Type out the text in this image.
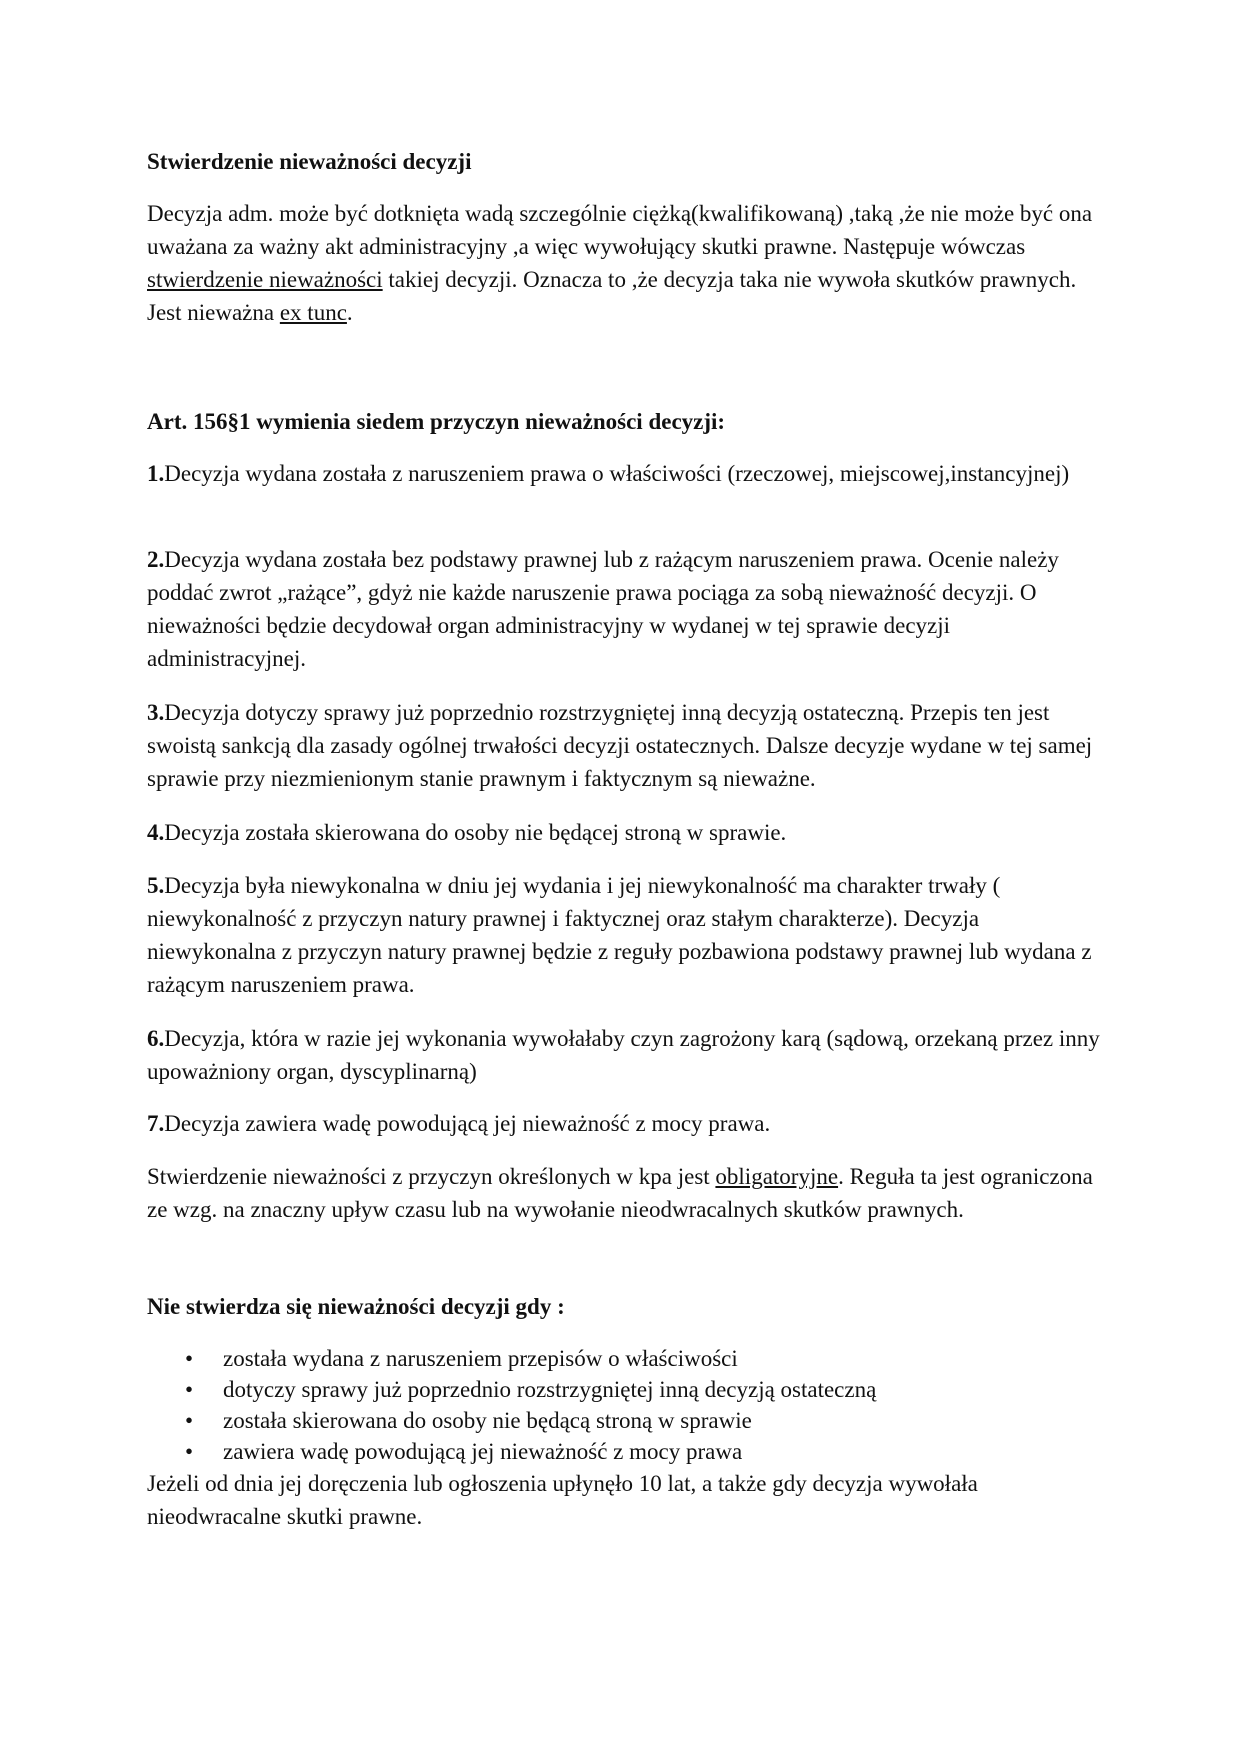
Stwierdzenie nieważności decyzji
Decyzja adm. może być dotknięta wadą szczególnie ciężką(kwalifikowaną) ,taką ,że nie może być ona uważana za ważny akt administracyjny ,a więc wywołujący skutki prawne. Następuje wówczas stwierdzenie nieważności takiej decyzji. Oznacza to ,że decyzja taka nie wywoła skutków prawnych. Jest nieważna ex tunc.
Art. 156§1 wymienia siedem przyczyn nieważności decyzji:
1.Decyzja wydana została z naruszeniem prawa o właściwości (rzeczowej, miejscowej,instancyjnej)
2.Decyzja wydana została bez podstawy prawnej lub z rażącym naruszeniem prawa. Ocenie należy poddać zwrot „rażące”, gdyż nie każde naruszenie prawa pociąga za sobą nieważność decyzji. O nieważności będzie decydował organ administracyjny w wydanej w tej sprawie decyzji administracyjnej.
3.Decyzja dotyczy sprawy już poprzednio rozstrzygniętej inną decyzją ostateczną. Przepis ten jest swoistą sankcją dla zasady ogólnej trwałości decyzji ostatecznych. Dalsze decyzje wydane w tej samej sprawie przy niezmienionym stanie prawnym i faktycznym są nieważne.
4.Decyzja została skierowana do osoby nie będącej stroną w sprawie.
5.Decyzja była niewykonalna w dniu jej wydania i jej niewykonalność ma charakter trwały ( niewykonalność z przyczyn natury prawnej i faktycznej oraz stałym charakterze). Decyzja niewykonalna z przyczyn natury prawnej będzie z reguły pozbawiona podstawy prawnej lub wydana z rażącym naruszeniem prawa.
6.Decyzja, która w razie jej wykonania wywołałaby czyn zagrożony karą (sądową, orzekaną przez inny upoważniony organ, dyscyplinarną)
7.Decyzja zawiera wadę powodującą jej nieważność z mocy prawa.
Stwierdzenie nieważności z przyczyn określonych w kpa jest obligatoryjne. Reguła ta jest ograniczona ze wzg. na znaczny upływ czasu lub na wywołanie nieodwracalnych skutków prawnych.
Nie stwierdza się nieważności decyzji gdy :
• została wydana z naruszeniem przepisów o właściwości
• dotyczy sprawy już poprzednio rozstrzygniętej inną decyzją ostateczną
• została skierowana do osoby nie będącą stroną w sprawie
• zawiera wadę powodującą jej nieważność z mocy prawa
Jeżeli od dnia jej doręczenia lub ogłoszenia upłynęło 10 lat, a także gdy decyzja wywołała nieodwracalne skutki prawne.
